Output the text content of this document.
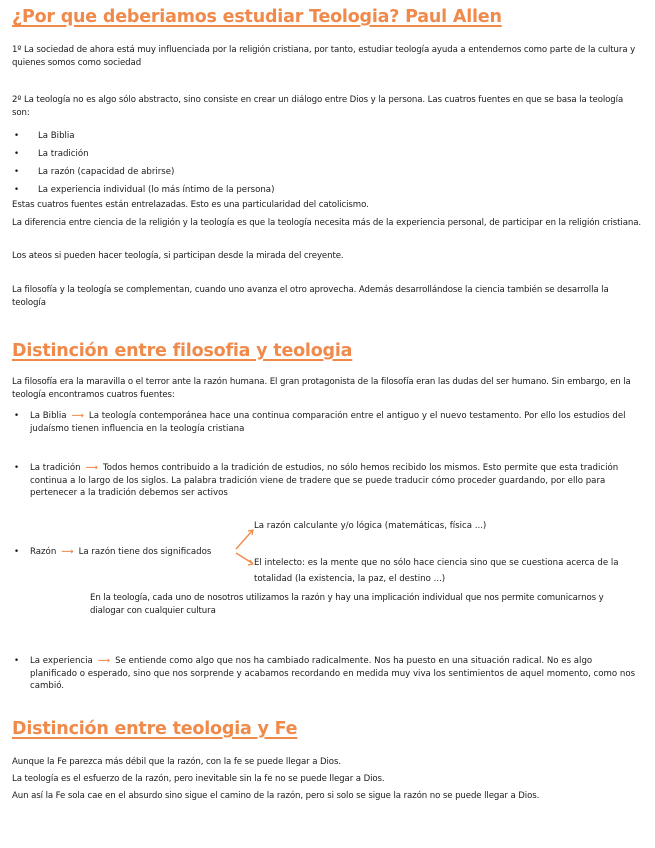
¿Por que deberiamos estudiar Teologia? Paul Allen

1º La sociedad de ahora está muy influenciada por la religión cristiana, por tanto, estudiar teología ayuda a entendernos como parte de la cultura y quienes somos como sociedad

2º La teología no es algo sólo abstracto, sino consiste en crear un diálogo entre Dios y la persona. Las cuatros fuentes en que se basa la teología son:

• La Biblia
• La tradición
• La razón (capacidad de abrirse)
• La experiencia individual (lo más íntimo de la persona)

Estas cuatros fuentes están entrelazadas. Esto es una particularidad del catolicismo.

La diferencia entre ciencia de la religión y la teología es que la teología necesita más de la experiencia personal, de participar en la religión cristiana.

Los ateos si pueden hacer teología, si participan desde la mirada del creyente.

La filosofía y la teología se complementan, cuando uno avanza el otro aprovecha. Además desarrollándose la ciencia también se desarrolla la teología

Distinción entre filosofia y teologia

La filosofía era la maravilla o el terror ante la razón humana. El gran protagonista de la filosofía eran las dudas del ser humano. Sin embargo, en la teología encontramos cuatros fuentes:

• La Biblia ⟶ La teología contemporánea hace una continua comparación entre el antiguo y el nuevo testamento. Por ello los estudios del judaísmo tienen influencia en la teología cristiana
• La tradición ⟶ Todos hemos contribuido a la tradición de estudios, no sólo hemos recibido los mismos. Esto permite que esta tradición continua a lo largo de los siglos. La palabra tradición viene de tradere que se puede traducir cómo proceder guardando, por ello para pertenecer a la tradición debemos ser activos
La razón calculante y/o lógica (matemáticas, física ...)
• Razón ⟶ La razón tiene dos significados
El intelecto: es la mente que no sólo hace ciencia sino que se cuestiona acerca de la
totalidad (la existencia, la paz, el destino ...)

En la teología, cada uno de nosotros utilizamos la razón y hay una implicación individual que nos permite comunicarnos y dialogar con cualquier cultura

• La experiencia ⟶ Se entiende como algo que nos ha cambiado radicalmente. Nos ha puesto en una situación radical. No es algo planificado o esperado, sino que nos sorprende y acabamos recordando en medida muy viva los sentimientos de aquel momento, como nos cambió.
Distinción entre teologia y Fe

Aunque la Fe parezca más débil que la razón, con la fe se puede llegar a Dios.

La teología es el esfuerzo de la razón, pero inevitable sin la fe no se puede llegar a Dios.

Aun así la Fe sola cae en el absurdo sino sigue el camino de la razón, pero si solo se sigue la razón no se puede llegar a Dios.
